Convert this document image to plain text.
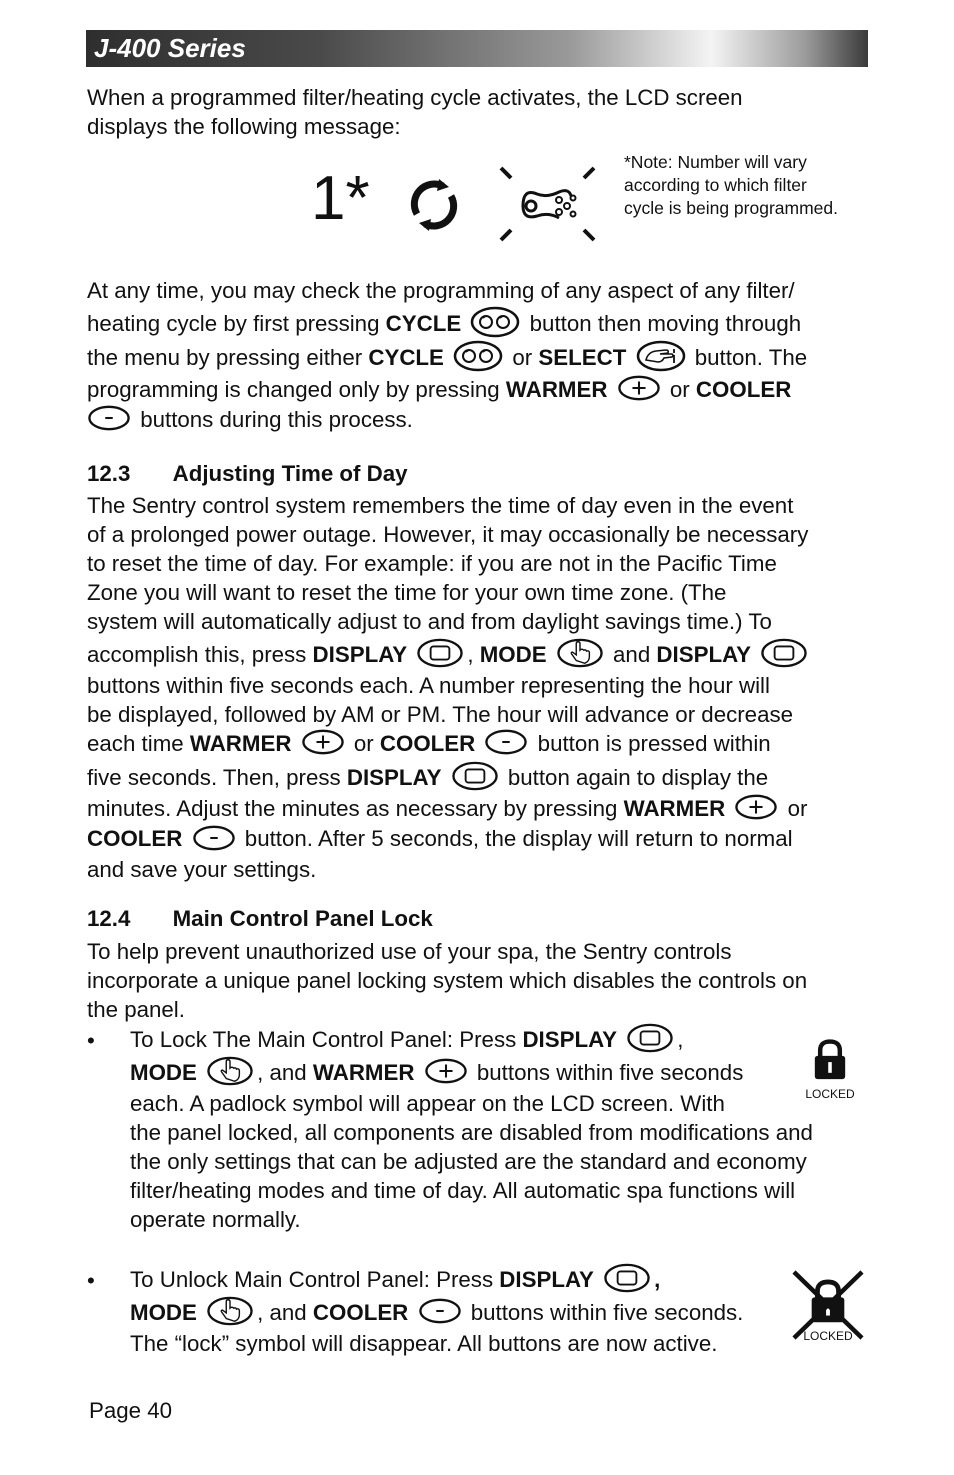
J-400 Series

When a programmed filter/heating cycle activates, the LCD screen
displays the following message:

1*
*Note: Number will vary according to which filter cycle is being programmed.
At any time, you may check the programming of any aspect of any filter/
heating cycle by first pressing CYCLE	button then moving through
the menu by pressing either CYCLE	or SELECT	button. The
programming is changed only by pressing WARMER	or COOLER
buttons during this process.
12.3 Adjusting Time of Day
The Sentry control system remembers the time of day even in the event
of a prolonged power outage. However, it may occasionally be necessary
to reset the time of day. For example: if you are not in the Pacific Time
Zone you will want to reset the time for your own time zone. (The
system will automatically adjust to and from daylight savings time.) To
accomplish this, press DISPLAY	, MODE	and DISPLAY
buttons within five seconds each. A number representing the hour will
be displayed, followed by AM or PM. The hour will advance or decrease
each time WARMER	or COOLER	button is pressed within
five seconds. Then, press DISPLAY	button again to display the
minutes. Adjust the minutes as necessary by pressing WARMER	or
COOLER	button. After 5 seconds, the display will return to normal
and save your settings.
12.4 Main Control Panel Lock
To help prevent unauthorized use of your spa, the Sentry controls
incorporate a unique panel locking system which disables the controls on
the panel.
• To Lock The Main Control Panel: Press DISPLAY	,
MODE	, and WARMER	buttons within five seconds
each. A padlock symbol will appear on the LCD screen. With
the panel locked, all components are disabled from modifications and
the only settings that can be adjusted are the standard and economy
filter/heating modes and time of day. All automatic spa functions will
operate normally.
LOCKED
• To Unlock Main Control Panel: Press DISPLAY	,
MODE	, and COOLER	buttons within five seconds.
The “lock” symbol will disappear. All buttons are now active.	LOCKED
Page 40
